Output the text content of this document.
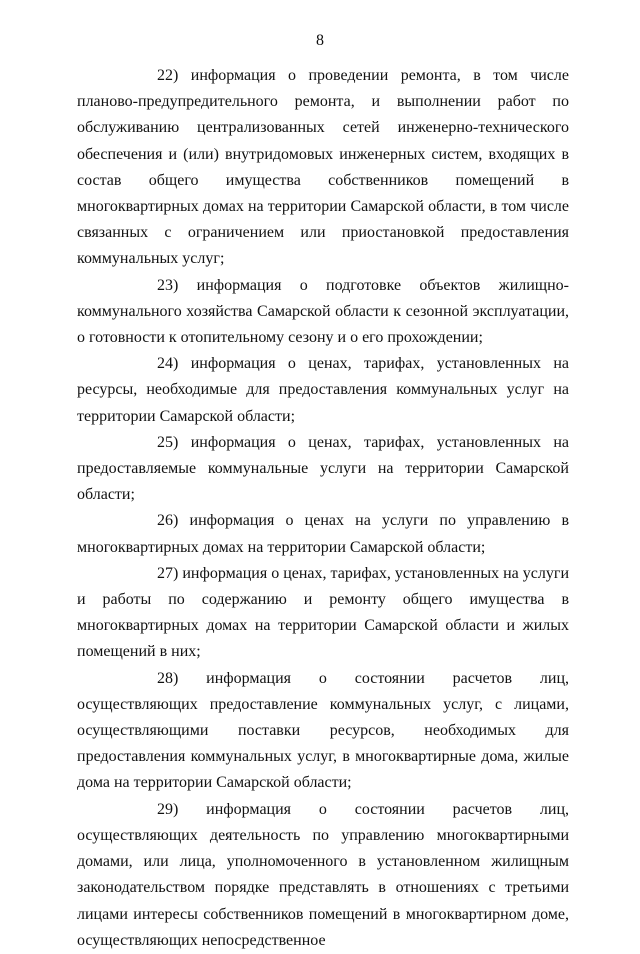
8

22) информация о проведении ремонта, в том числе планово-предупредительного ремонта, и выполнении работ по обслуживанию централизованных сетей инженерно-технического обеспечения и (или) внутридомовых инженерных систем, входящих в состав общего имущества собственников помещений в многоквартирных домах на территории Самарской области, в том числе связанных с ограничением или приостановкой предоставления коммунальных услуг;

23) информация о подготовке объектов жилищно-коммунального хозяйства Самарской области к сезонной эксплуатации, о готовности к отопительному сезону и о его прохождении;

24) информация о ценах, тарифах, установленных на ресурсы, необходимые для предоставления коммунальных услуг на территории Самарской области;

25) информация о ценах, тарифах, установленных на предоставляемые коммунальные услуги на территории Самарской области;

26) информация о ценах на услуги по управлению в многоквартирных домах на территории Самарской области;

27) информация о ценах, тарифах, установленных на услуги и работы по содержанию и ремонту общего имущества в многоквартирных домах на территории Самарской области и жилых помещений в них;

28) информация о состоянии расчетов лиц, осуществляющих предоставление коммунальных услуг, с лицами, осуществляющими поставки ресурсов, необходимых для предоставления коммунальных услуг, в многоквартирные дома, жилые дома на территории Самарской области;

29) информация о состоянии расчетов лиц, осуществляющих деятельность по управлению многоквартирными домами, или лица, уполномоченного в установленном жилищным законодательством порядке представлять в отношениях с третьими лицами интересы собственников помещений в многоквартирном доме, осуществляющих непосредственное
